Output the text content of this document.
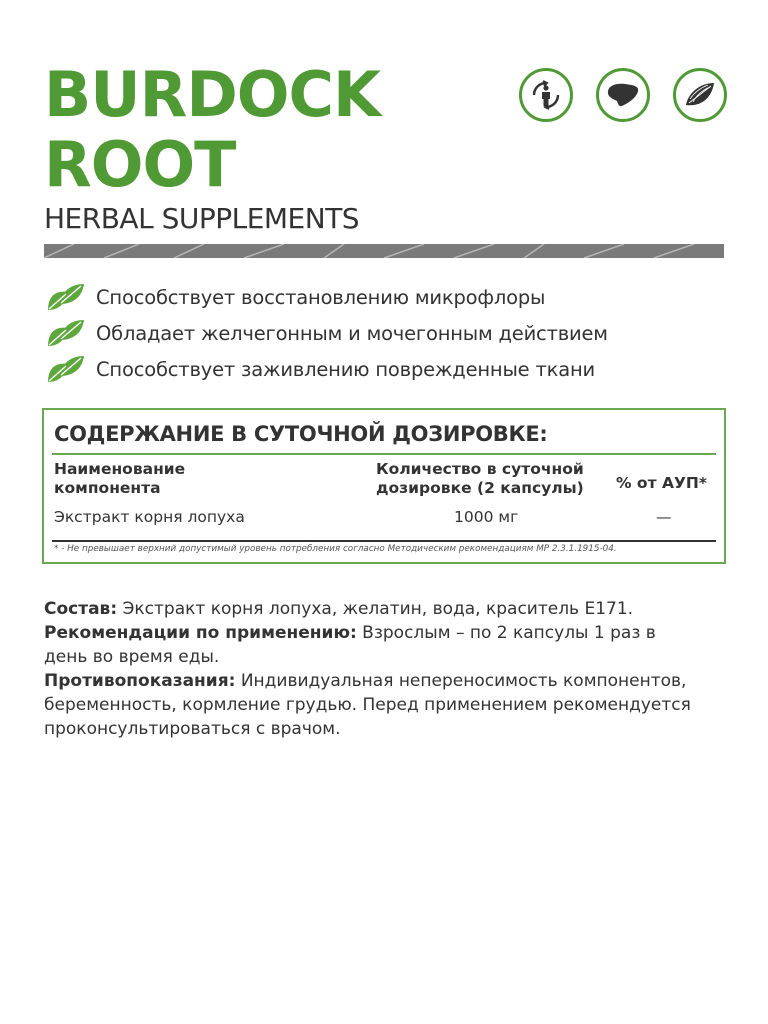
BURDOCK
ROOT
HERBAL SUPPLEMENTS
Способствует восстановлению микрофлоры
Обладает желчегонным и мочегонным действием
Способствует заживлению поврежденные ткани
СОДЕРЖАНИЕ В СУТОЧНОЙ ДОЗИРОВКЕ:
Наименование
компонента
Количество в суточной
дозировке (2 капсулы) % от АУП*
Экстракт корня лопуха	1000 мг	—
* - Не превышает верхний допустимый уровень потребления согласно Методическим рекомендациям МР 2.3.1.1915-04.

Состав: Экстракт корня лопуха, желатин, вода, краситель Е171.

Рекомендации по применению: Взрослым – по 2 капсулы 1 раз в день во время еды.

Противопоказания: Индивидуальная непереносимость компонентов, беременность, кормление грудью. Перед применением рекомендуется проконсультироваться с врачом.
